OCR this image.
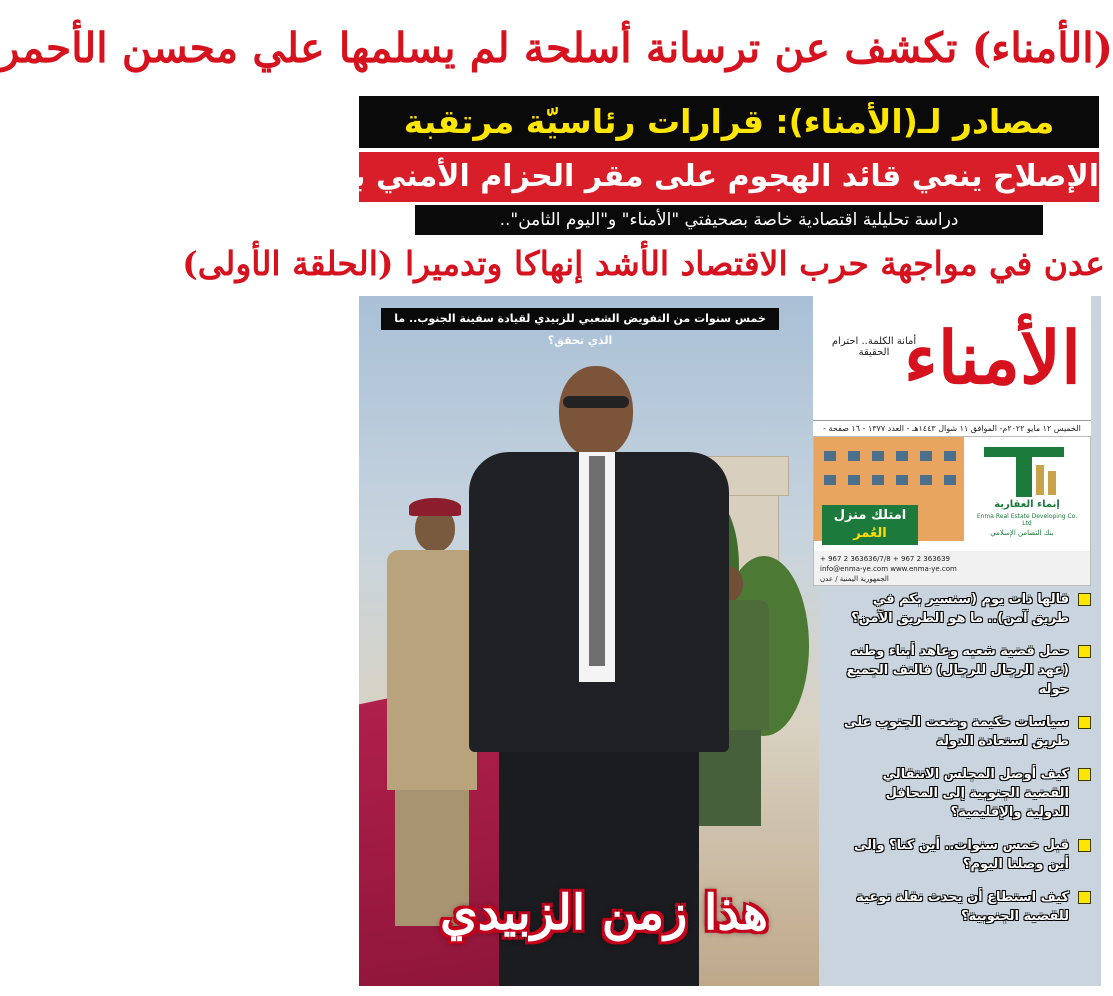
(الأمناء) تكشف عن ترسانة أسلحة لم يسلمها علي محسن الأحمر
مصادر لـ(الأمناء): قرارات رئاسيّة مرتقبة
الإصلاح ينعي قائد الهجوم على مقر الحزام الأمني بالضالع
دراسة تحليلية اقتصادية خاصة بصحيفتي "الأمناء" و"اليوم الثامن"..
عدن في مواجهة حرب الاقتصاد الأشد إنهاكا وتدميرا (الحلقة الأولى)
خمس سنوات من التفويض الشعبي للزبيدي لقيادة سفينة الجنوب.. ما الذي تحقق؟	الأمناء
أمانة الكلمة.. احترام الحقيقة
الخميس ١٢ مايو ٢٠٢٢م- الموافق ١١ شوال ١٤٤٣هـ - العدد ١٣٧٧ - ١٦ صفحة -
امتلك منزل
العُمر
إنماء العقارية
Enma Real Estate Developing Co. Ltd
بنك التضامن الإسلامي
+ 967 2 363636/7/8 + 967 2 363639
info@enma-ye.com www.enma-ye.com
الجمهورية اليمنية / عدن
قالها ذات يوم (سنسير بكم في طريق آمن).. ما هو الطريق الآمن؟
حمل قضية شعبه وعاهد أبناء وطنه (عهد الرجال للرجال) فالتف الجميع حوله
سياسات حكيمة وضعت الجنوب على طريق استعادة الدولة
كيف أوصل المجلس الانتقالي القضية الجنوبية إلى المحافل الدولية والإقليمية؟
قبل خمس سنوات.. أين كنا؟ والى أين وصلنا اليوم؟
كيف استطاع أن يحدث نقلة نوعية للقضية الجنوبية؟
هذا زمن الزبيدي
